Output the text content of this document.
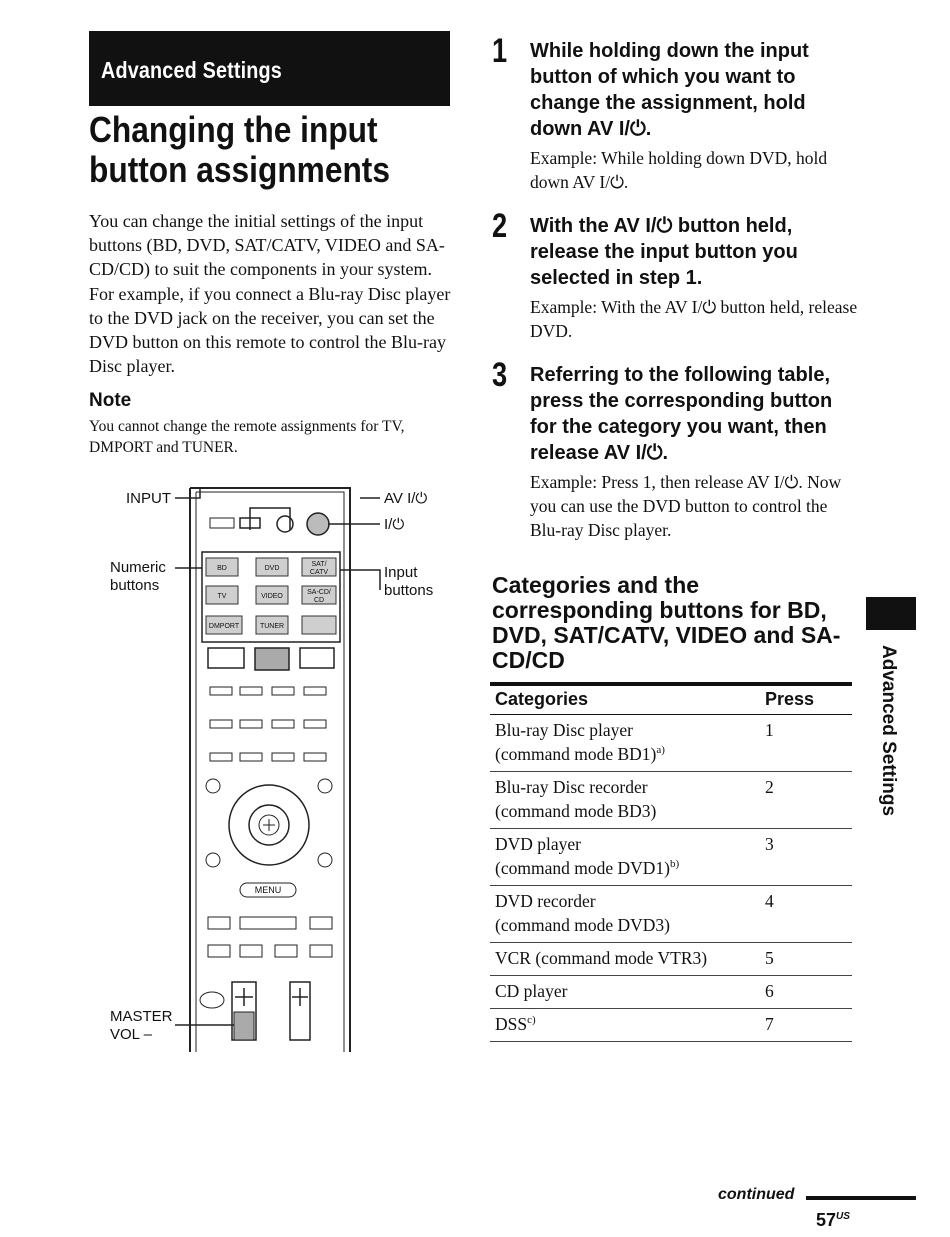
Advanced Settings
Changing the input button assignments

You can change the initial settings of the input buttons (BD, DVD, SAT/CATV, VIDEO and SA-CD/CD) to suit the components in your system. For example, if you connect a Blu-ray Disc player to the DVD jack on the receiver, you can set the DVD button on this remote to control the Blu-ray Disc player.

Note

You cannot change the remote assignments for TV, DMPORT and TUNER.

BD	DVD
SAT/
CATV
TV	VIDEO
SA-CD/
CD
DMPORT	TUNER
MENU
INPUT
Numeric
buttons
MASTER
VOL –
AV I/⏻
I/⏻
Input
buttons
1 While holding down the input button of which you want to change the assignment, hold down AV I/⏻.

Example: While holding down DVD, hold down AV I/⏻.

2 With the AV I/⏻ button held, release the input button you selected in step 1.

Example: With the AV I/⏻ button held, release DVD.

3 Referring to the following table, press the corresponding button for the category you want, then release AV I/⏻.

Example: Press 1, then release AV I/⏻. Now you can use the DVD button to control the Blu-ray Disc player.

Categories and the corresponding buttons for BD, DVD, SAT/CATV, VIDEO and SA-CD/CD
Categories	Press
Blu-ray Disc player
(command mode BD1)$^{a)}$	1
Blu-ray Disc recorder
(command mode BD3)	2
DVD player
(command mode DVD1)$^{b)}$	3
DVD recorder
(command mode DVD3)	4
VCR (command mode VTR3)	5
CD player	6
DSS$^{c)}$	7
Advanced Settings
continued
$57^{US}$
